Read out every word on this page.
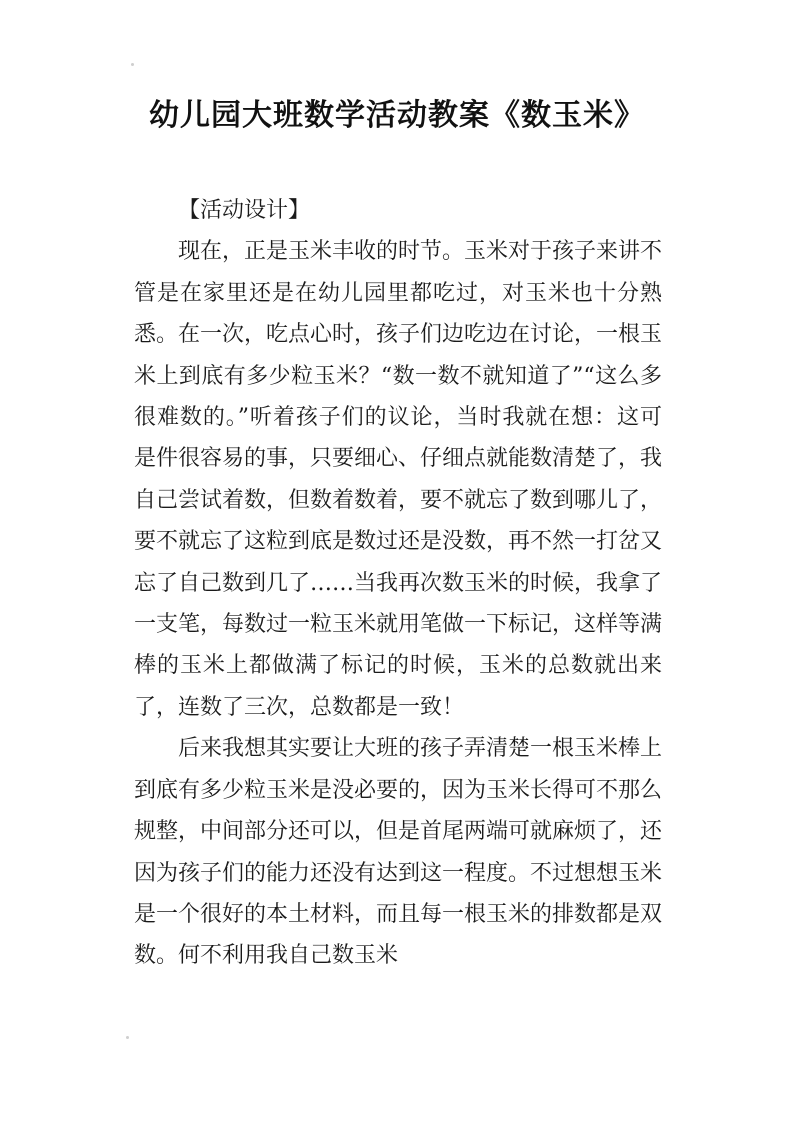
幼儿园大班数学活动教案《数玉米》
【活动设计】

现在，正是玉米丰收的时节。玉米对于孩子来讲不管是在家里还是在幼儿园里都吃过，对玉米也十分熟悉。在一次，吃点心时，孩子们边吃边在讨论，一根玉米上到底有多少粒玉米？“数一数不就知道了”“这么多很难数的。”听着孩子们的议论，当时我就在想：这可是件很容易的事，只要细心、仔细点就能数清楚了，我自己尝试着数，但数着数着，要不就忘了数到哪儿了，要不就忘了这粒到底是数过还是没数，再不然一打岔又忘了自己数到几了……当我再次数玉米的时候，我拿了一支笔，每数过一粒玉米就用笔做一下标记，这样等满棒的玉米上都做满了标记的时候，玉米的总数就出来了，连数了三次，总数都是一致！

后来我想其实要让大班的孩子弄清楚一根玉米棒上到底有多少粒玉米是没必要的，因为玉米长得可不那么规整，中间部分还可以，但是首尾两端可就麻烦了，还因为孩子们的能力还没有达到这一程度。不过想想玉米是一个很好的本土材料，而且每一根玉米的排数都是双数。何不利用我自己数玉米
